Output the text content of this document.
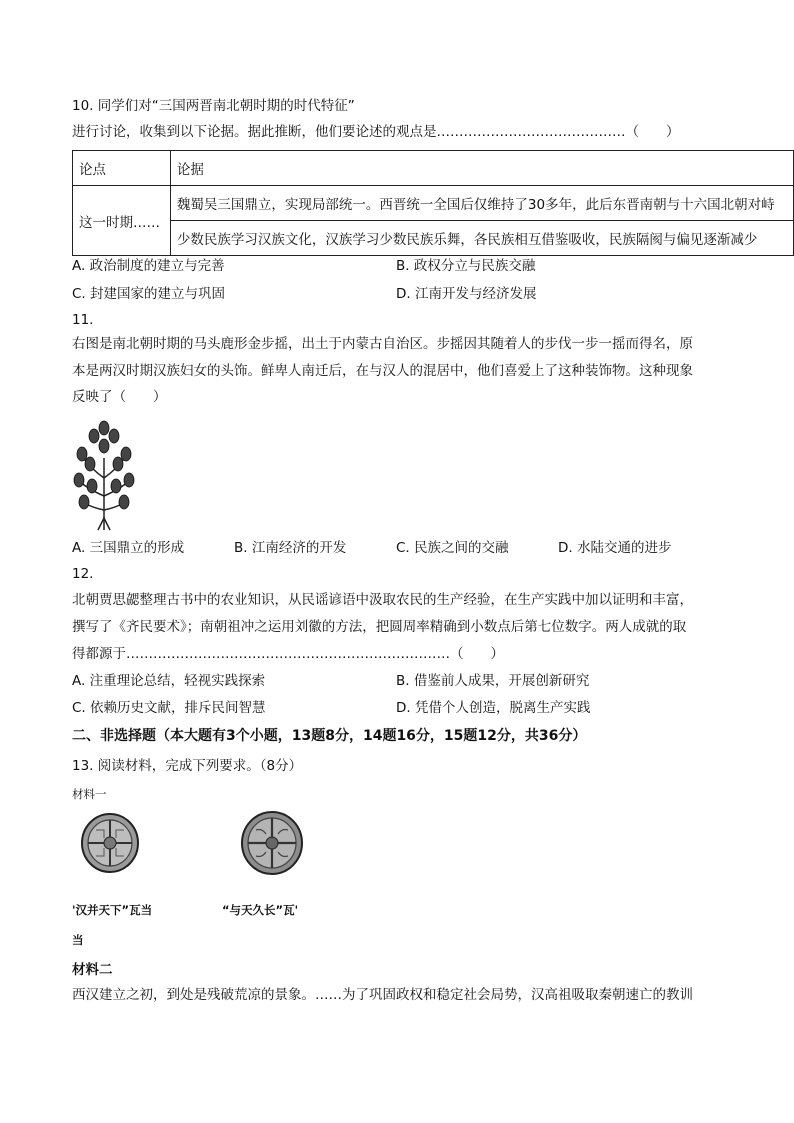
10. 同学们对“三国两晋南北朝时期的时代特征”
进行讨论，收集到以下论据。据此推断，他们要论述的观点是……………………………………（　　）
论点	论据
这一时期……	魏蜀吴三国鼎立，实现局部统一。西晋统一全国后仅维持了30多年，此后东晋南朝与十六国北朝对峙
	少数民族学习汉族文化，汉族学习少数民族乐舞，各民族相互借鉴吸收，民族隔阂与偏见逐渐减少
A. 政治制度的建立与完善	B. 政权分立与民族交融
C. 封建国家的建立与巩固	D. 江南开发与经济发展
11.
右图是南北朝时期的马头鹿形金步摇，出土于内蒙古自治区。步摇因其随着人的步伐一步一摇而得名，原
本是两汉时期汉族妇女的头饰。鲜卑人南迁后，在与汉人的混居中，他们喜爱上了这种装饰物。这种现象
反映了（　　）
A. 三国鼎立的形成	B. 江南经济的开发	C. 民族之间的交融	D. 水陆交通的进步
12.
北朝贾思勰整理古书中的农业知识，从民谣谚语中汲取农民的生产经验，在生产实践中加以证明和丰富，
撰写了《齐民要术》；南朝祖冲之运用刘徽的方法，把圆周率精确到小数点后第七位数字。两人成就的取
得都源于………………………………………………………………（　　）
A. 注重理论总结，轻视实践探索	B. 借鉴前人成果，开展创新研究
C. 依赖历史文献，排斥民间智慧	D. 凭借个人创造，脱离生产实践
二、非选择题（本大题有3个小题，13题8分，14题16分，15题12分，共36分）
13. 阅读材料，完成下列要求。（8分）
材料一
'汉并天下”瓦当	“与天久长”瓦'
当
材料二
西汉建立之初，到处是残破荒凉的景象。……为了巩固政权和稳定社会局势，汉高祖吸取秦朝速亡的教训
